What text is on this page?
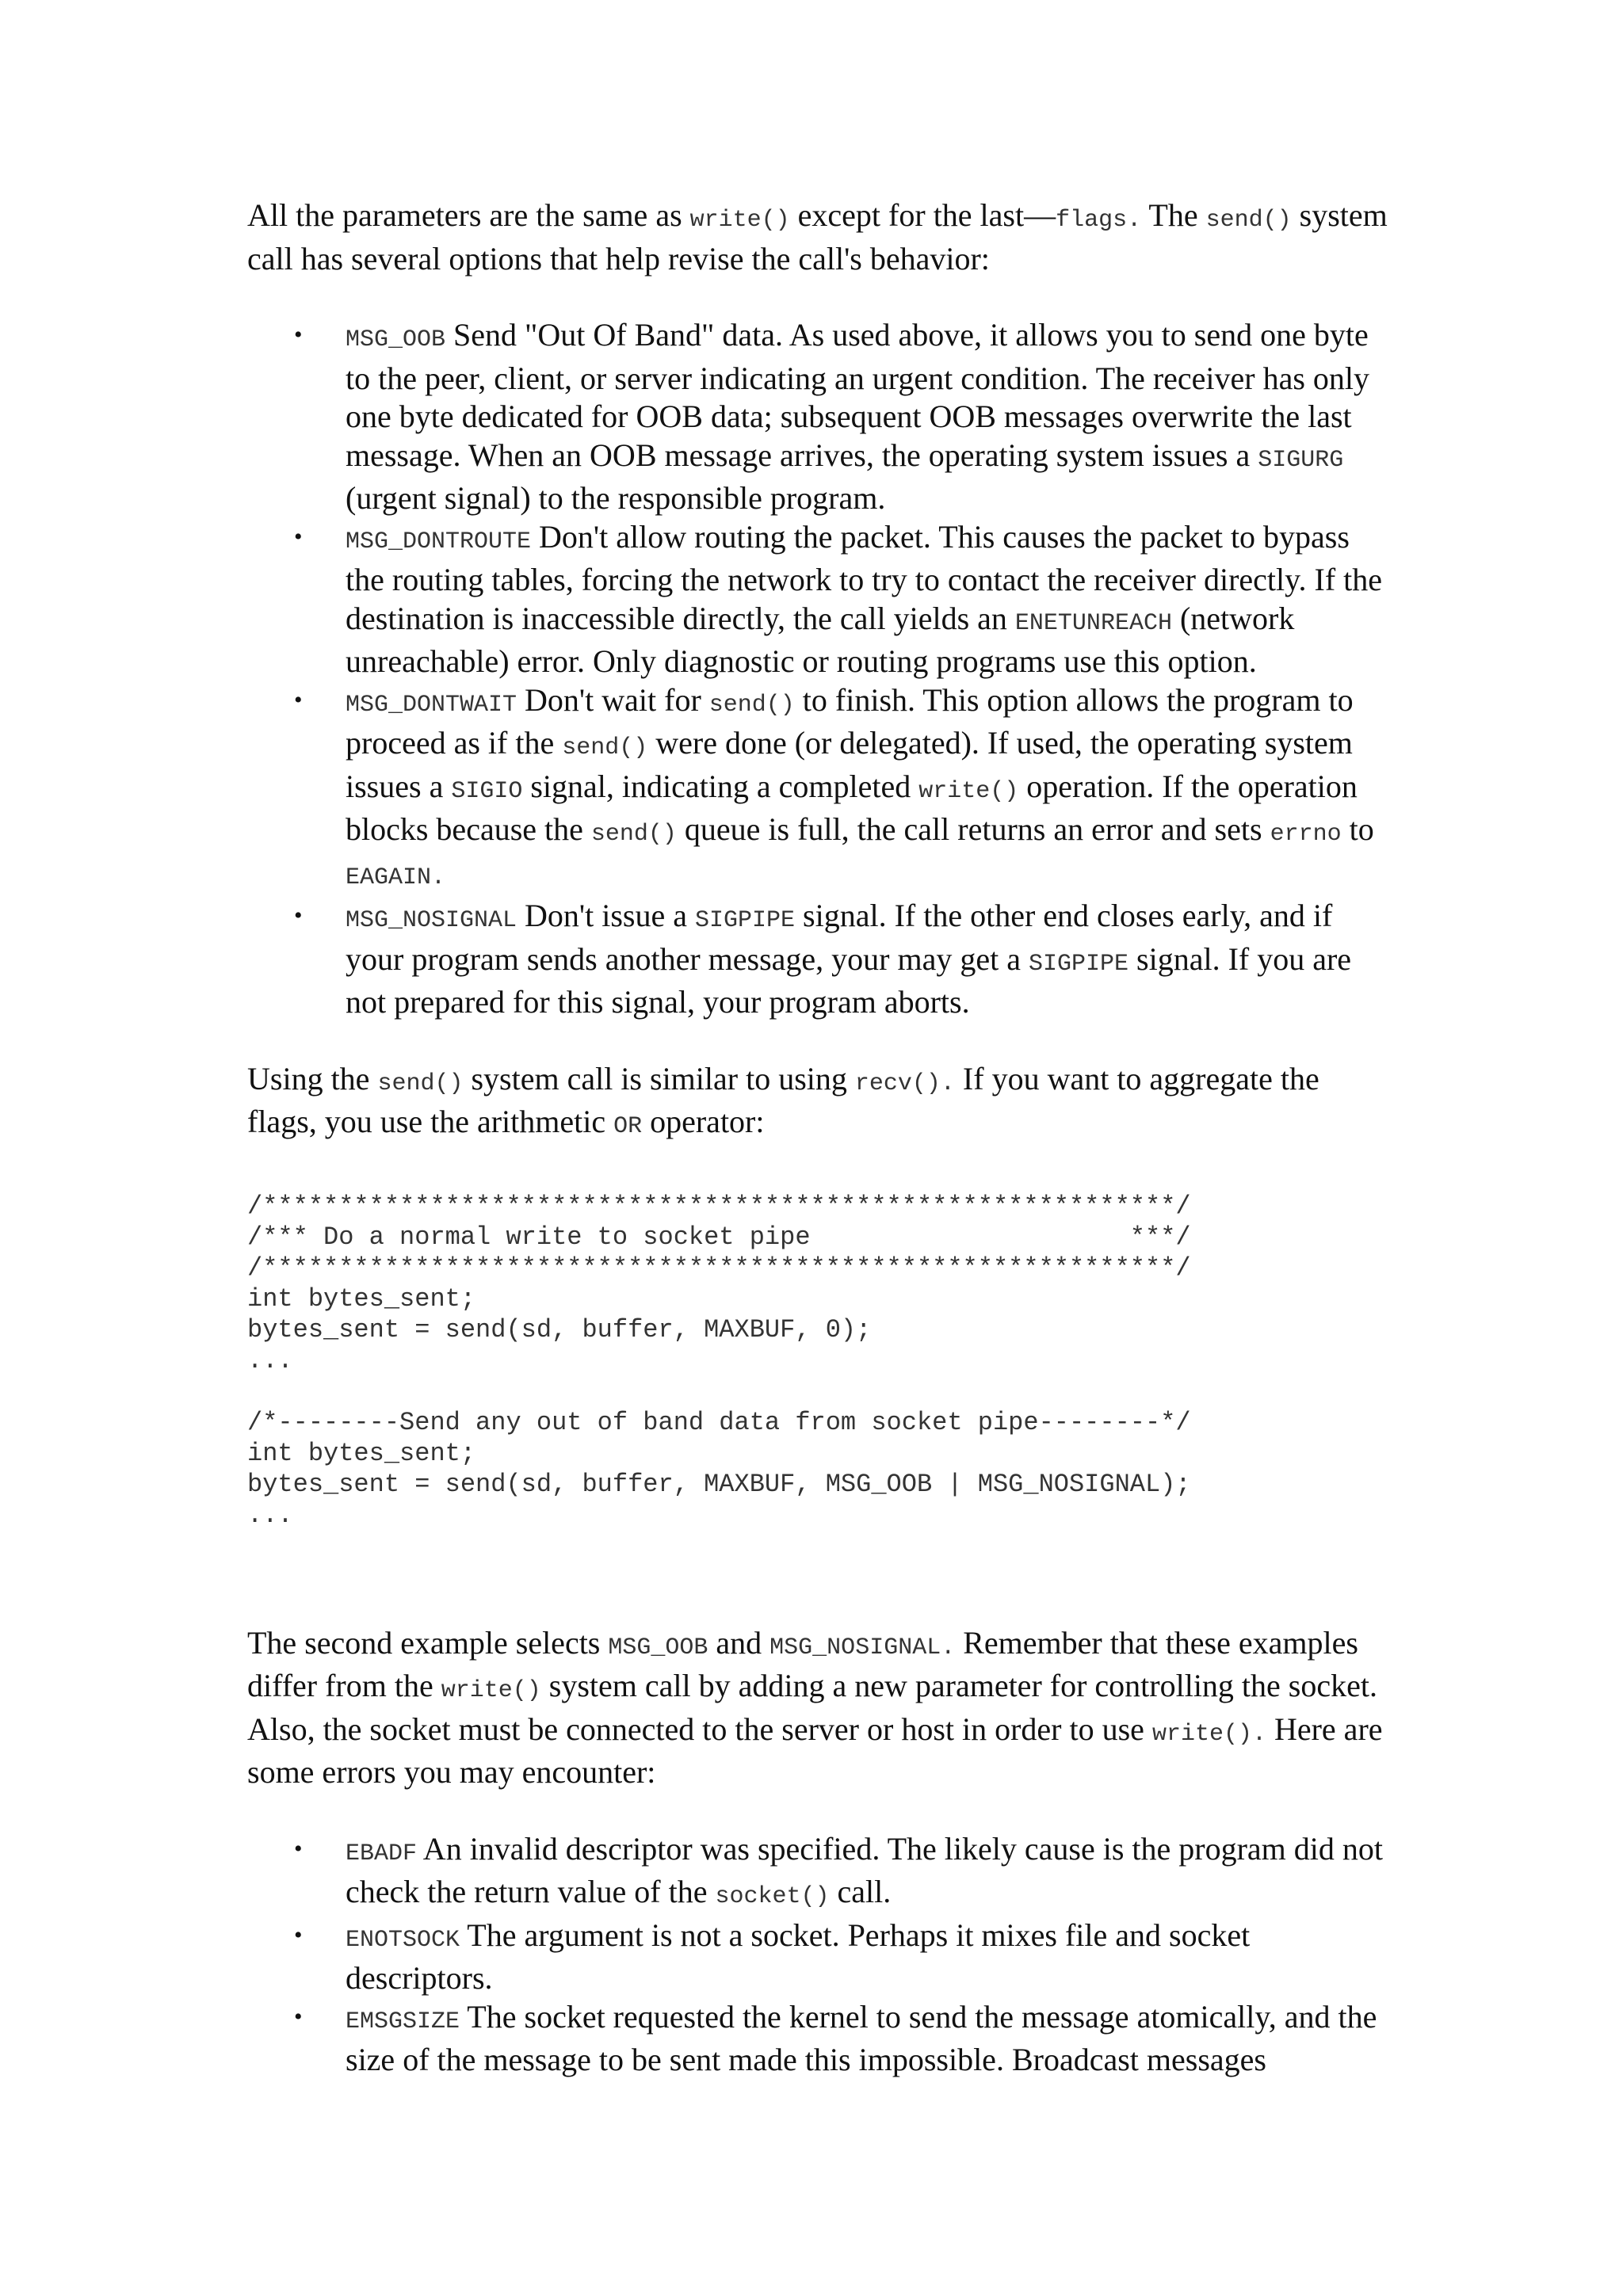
All the parameters are the same as write() except for the last—flags. The send() system call has several options that help revise the call's behavior:

• MSG_OOB Send "Out Of Band" data. As used above, it allows you to send one byte to the peer, client, or server indicating an urgent condition. The receiver has only one byte dedicated for OOB data; subsequent OOB messages overwrite the last message. When an OOB message arrives, the operating system issues a SIGURG (urgent signal) to the responsible program.
• MSG_DONTROUTE Don't allow routing the packet. This causes the packet to bypass the routing tables, forcing the network to try to contact the receiver directly. If the destination is inaccessible directly, the call yields an ENETUNREACH (network unreachable) error. Only diagnostic or routing programs use this option.
• MSG_DONTWAIT Don't wait for send() to finish. This option allows the program to proceed as if the send() were done (or delegated). If used, the operating system issues a SIGIO signal, indicating a completed write() operation. If the operation blocks because the send() queue is full, the call returns an error and sets errno to EAGAIN.
• MSG_NOSIGNAL Don't issue a SIGPIPE signal. If the other end closes early, and if your program sends another message, your may get a SIGPIPE signal. If you are not prepared for this signal, your program aborts.

Using the send() system call is similar to using recv(). If you want to aggregate the flags, you use the arithmetic OR operator:

/************************************************************/
/*** Do a normal write to socket pipe                     ***/
/************************************************************/
int bytes_sent;
bytes_sent = send(sd, buffer, MAXBUF, 0);
...

/*--------Send any out of band data from socket pipe--------*/
int bytes_sent;
bytes_sent = send(sd, buffer, MAXBUF, MSG_OOB | MSG_NOSIGNAL);
...

The second example selects MSG_OOB and MSG_NOSIGNAL. Remember that these examples differ from the write() system call by adding a new parameter for controlling the socket. Also, the socket must be connected to the server or host in order to use write(). Here are some errors you may encounter:

• EBADF An invalid descriptor was specified. The likely cause is the program did not check the return value of the socket() call.
• ENOTSOCK The argument is not a socket. Perhaps it mixes file and socket descriptors.
• EMSGSIZE The socket requested the kernel to send the message atomically, and the size of the message to be sent made this impossible. Broadcast messages
